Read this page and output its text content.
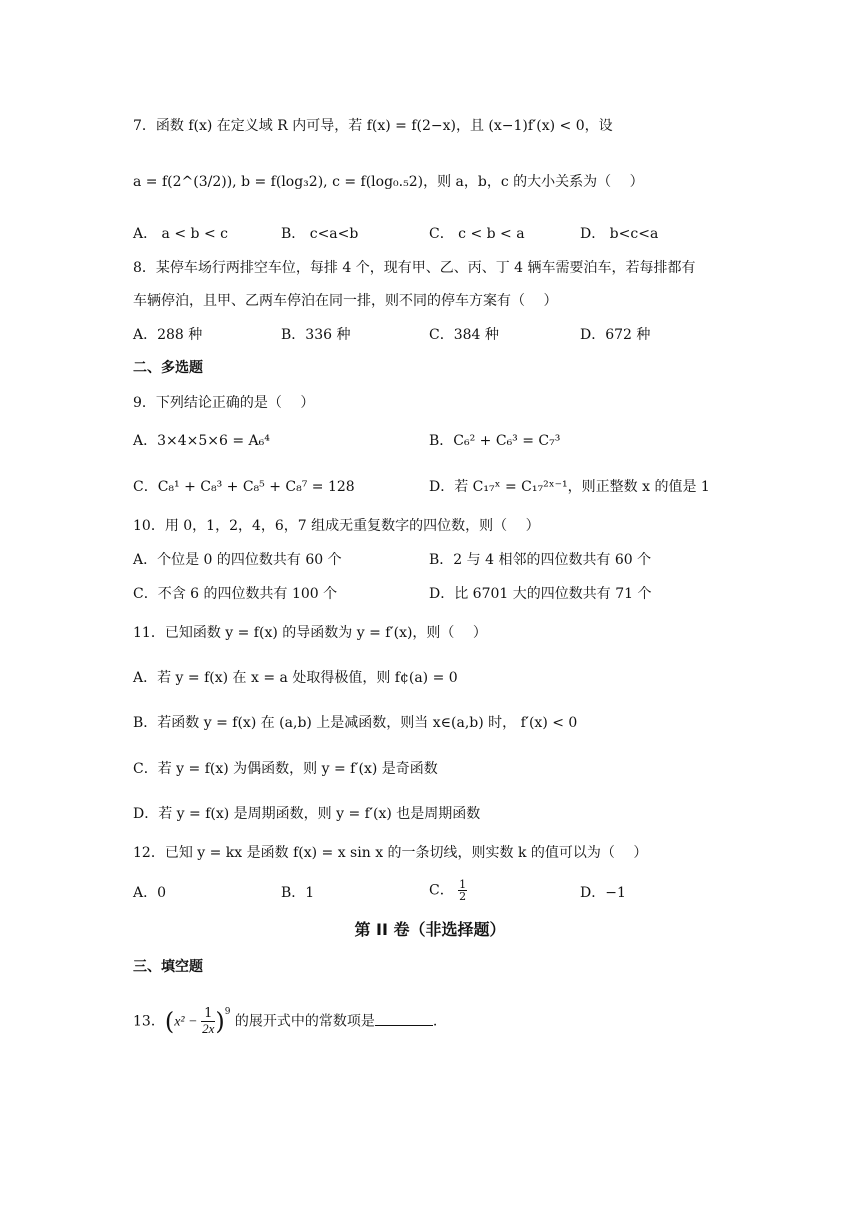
7．函数 f(x) 在定义域 R 内可导，若 f(x) = f(2−x)，且 (x−1)f′(x) < 0，设
a = f(2^(3/2)), b = f(log₃2), c = f(log₀.₅2)，则 a，b，c 的大小关系为（　 ）
A． a < b < c	B． c<a<b	C． c < b < a	D． b<c<a
8．某停车场行两排空车位，每排 4 个，现有甲、乙、丙、丁 4 辆车需要泊车，若每排都有
车辆停泊，且甲、乙两车停泊在同一排，则不同的停车方案有（　 ）
A．288 种	B．336 种	C．384 种	D．672 种
二、多选题
9．下列结论正确的是（　 ）
A．3×4×5×6 = A₆⁴	B．C₆² + C₆³ = C₇³
C．C₈¹ + C₈³ + C₈⁵ + C₈⁷ = 128	D．若 C₁₇ˣ = C₁₇²ˣ⁻¹，则正整数 x 的值是 1
10．用 0，1，2，4，6，7 组成无重复数字的四位数，则（　 ）
A．个位是 0 的四位数共有 60 个	B．2 与 4 相邻的四位数共有 60 个
C．不含 6 的四位数共有 100 个	D．比 6701 大的四位数共有 71 个
11．已知函数 y = f(x) 的导函数为 y = f′(x)，则（　 ）
A．若 y = f(x) 在 x = a 处取得极值，则 f¢(a) = 0
B．若函数 y = f(x) 在 (a,b) 上是减函数，则当 x∈(a,b) 时， f′(x) < 0
C．若 y = f(x) 为偶函数，则 y = f′(x) 是奇函数
D．若 y = f(x) 是周期函数，则 y = f′(x) 也是周期函数
12．已知 y = kx 是函数 f(x) = x sin x 的一条切线，则实数 k 的值可以为（　 ）
A．0	B．1	C． $\frac{1}{2}$	D．−1
第 II 卷（非选择题）
三、填空题
13．$(x^2 - \frac{1}{2x} )^9$ 的展开式中的常数项是	.
